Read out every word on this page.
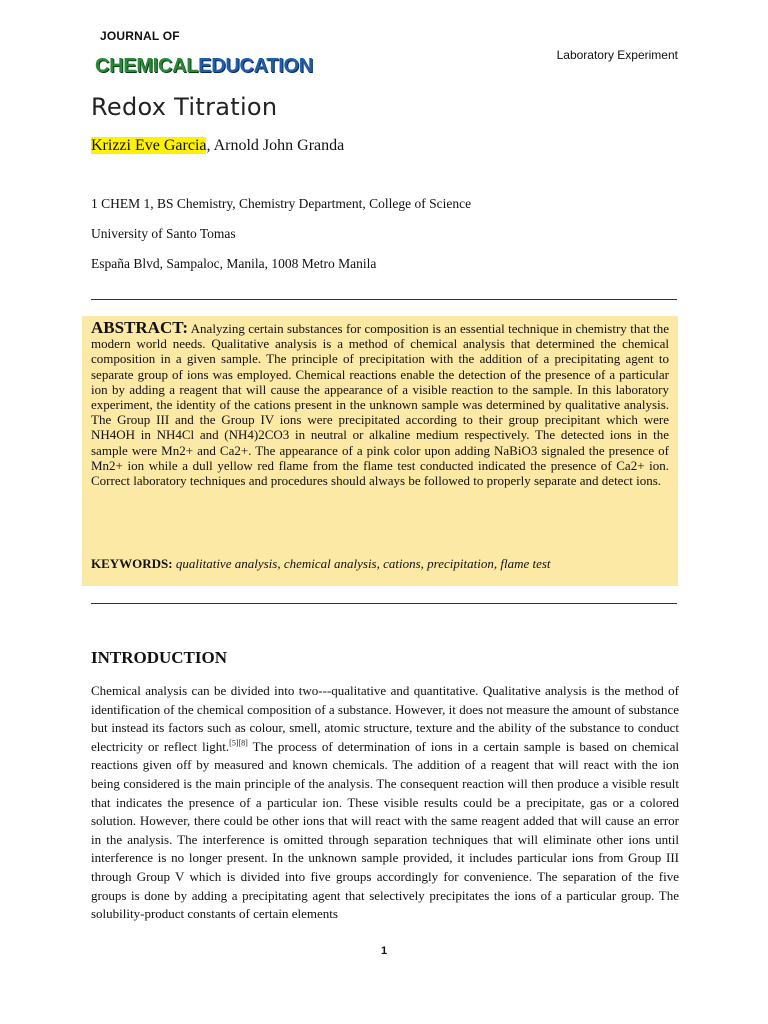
JOURNAL OF
CHEMICALEDUCATION	Laboratory Experiment
Redox Titration
Krizzi Eve Garcia, Arnold John Granda
1 CHEM 1, BS Chemistry, Chemistry Department, College of Science
University of Santo Tomas
España Blvd, Sampaloc, Manila, 1008 Metro Manila

ABSTRACT: Analyzing certain substances for composition is an essential technique in chemistry that the modern world needs. Qualitative analysis is a method of chemical analysis that determined the chemical composition in a given sample. The principle of precipitation with the addition of a precipitating agent to separate group of ions was employed. Chemical reactions enable the detection of the presence of a particular ion by adding a reagent that will cause the appearance of a visible reaction to the sample. In this laboratory experiment, the identity of the cations present in the unknown sample was determined by qualitative analysis. The Group III and the Group IV ions were precipitated according to their group precipitant which were NH4OH in NH4Cl and (NH4)2CO3 in neutral or alkaline medium respectively. The detected ions in the sample were Mn2+ and Ca2+. The appearance of a pink color upon adding NaBiO3 signaled the presence of Mn2+ ion while a dull yellow red flame from the flame test conducted indicated the presence of Ca2+ ion. Correct laboratory techniques and procedures should always be followed to properly separate and detect ions.

KEYWORDS: qualitative analysis, chemical analysis, cations, precipitation, flame test
INTRODUCTION

Chemical analysis can be divided into two---qualitative and quantitative. Qualitative analysis is the method of identification of the chemical composition of a substance. However, it does not measure the amount of substance but instead its factors such as colour, smell, atomic structure, texture and the ability of the substance to conduct electricity or reflect light.[5][8] The process of determination of ions in a certain sample is based on chemical reactions given off by measured and known chemicals. The addition of a reagent that will react with the ion being considered is the main principle of the analysis. The consequent reaction will then produce a visible result that indicates the presence of a particular ion. These visible results could be a precipitate, gas or a colored solution. However, there could be other ions that will react with the same reagent added that will cause an error in the analysis. The interference is omitted through separation techniques that will eliminate other ions until interference is no longer present. In the unknown sample provided, it includes particular ions from Group III through Group V which is divided into five groups accordingly for convenience. The separation of the five groups is done by adding a precipitating agent that selectively precipitates the ions of a particular group. The solubility-product constants of certain elements

1
